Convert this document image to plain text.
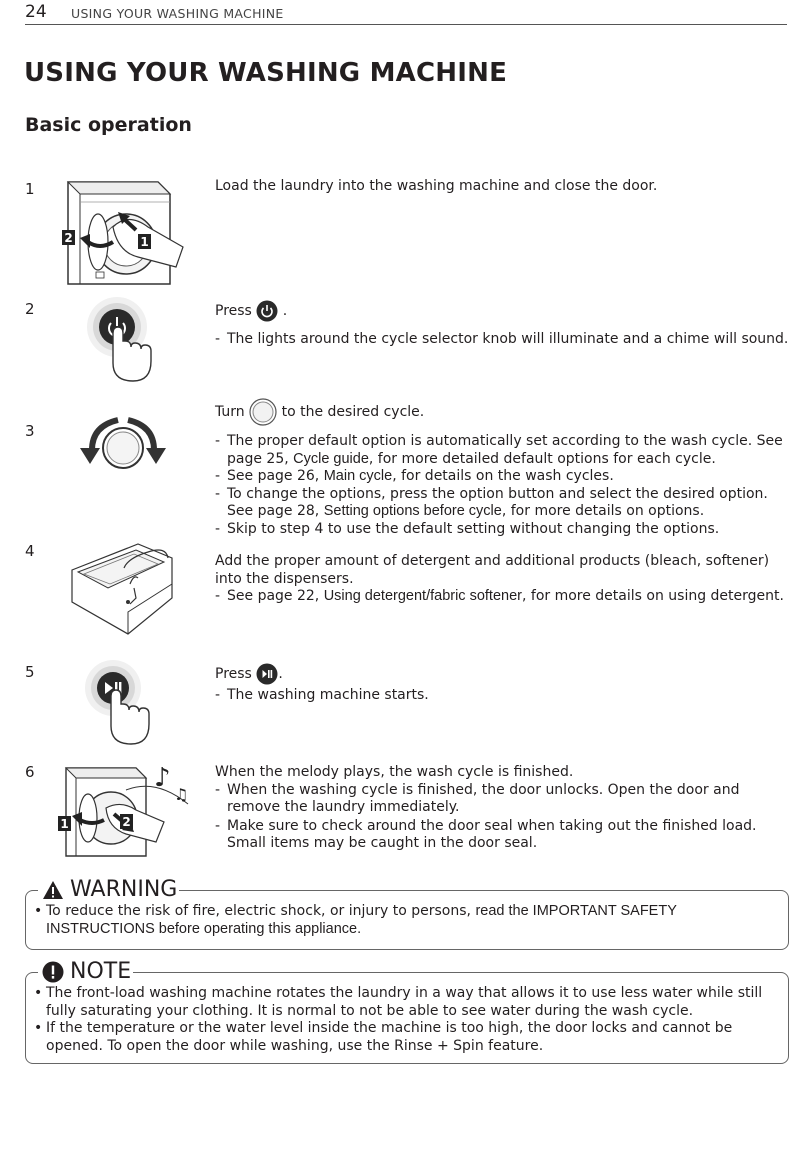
24 USING YOUR WASHING MACHINE
USING YOUR WASHING MACHINE
Basic operation
1
2	1

Load the laundry into the washing machine and close the door.

2	Press .

- The lights around the cycle selector knob will illuminate and a chime will sound.

3

Turn	to the desired cycle.

- The proper default option is automatically set according to the wash cycle. See page 25, Cycle guide, for more detailed default options for each cycle.

- See page 26, Main cycle, for details on the wash cycles.

- To change the options, press the option button and select the desired option.
See page 28, Setting options before cycle, for more details on options.

- Skip to step 4 to use the default setting without changing the options.

4

Add the proper amount of detergent and additional products (bleach, softener) into the dispensers.

- See page 22, Using detergent/fabric softener, for more details on using detergent.

5	Press .

- The washing machine starts.

6
1	2
♪
♫

When the melody plays, the wash cycle is finished.

- When the washing cycle is finished, the door unlocks. Open the door and remove the laundry immediately.

- Make sure to check around the door seal when taking out the finished load. Small items may be caught in the door seal.

WARNING

• To reduce the risk of fire, electric shock, or injury to persons, read the IMPORTANT SAFETY INSTRUCTIONS before operating this appliance.

NOTE

• The front-load washing machine rotates the laundry in a way that allows it to use less water while still fully saturating your clothing. It is normal to not be able to see water during the wash cycle.

• If the temperature or the water level inside the machine is too high, the door locks and cannot be opened. To open the door while washing, use the Rinse + Spin feature.
